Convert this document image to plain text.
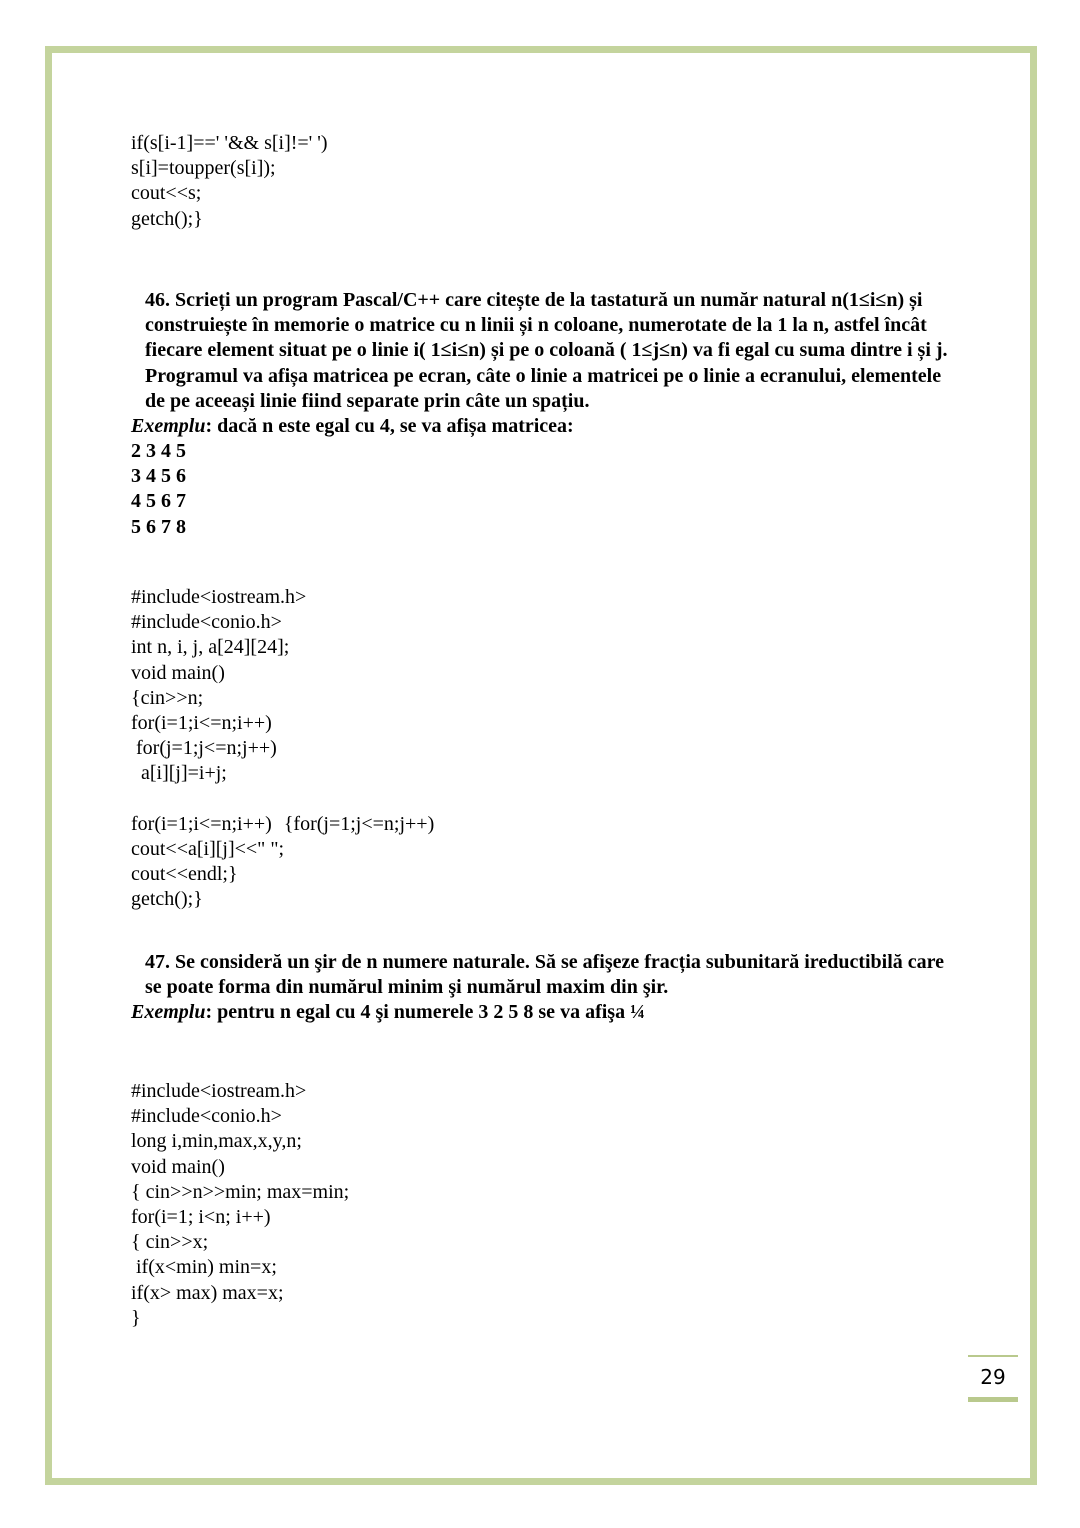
if(s[i-1]==' '&& s[i]!=' ')
s[i]=toupper(s[i]);
cout<<s;
getch();}
46. Scrieți un program Pascal/C++ care citește de la tastatură un număr natural n(1≤i≤n) și
construiește în memorie o matrice cu n linii și n coloane, numerotate de la 1 la n, astfel încât
fiecare element situat pe o linie i( 1≤i≤n) și pe o coloană ( 1≤j≤n) va fi egal cu suma dintre i și j.
Programul va afișa matricea pe ecran, câte o linie a matricei pe o linie a ecranului, elementele
de pe aceeași linie fiind separate prin câte un spațiu.
Exemplu: dacă n este egal cu 4, se va afișa matricea:
2 3 4 5
3 4 5 6
4 5 6 7
5 6 7 8
#include<iostream.h>
#include<conio.h>
int n, i, j, a[24][24];
void main()
{cin>>n;
for(i=1;i<=n;i++)
for(j=1;j<=n;j++)
a[i][j]=i+j;
for(i=1;i<=n;i++) {for(j=1;j<=n;j++)
cout<<a[i][j]<<" ";
cout<<endl;}
getch();}
47. Se consideră un şir de n numere naturale. Să se afişeze fracția subunitară ireductibilă care
se poate forma din numărul minim şi numărul maxim din şir.
Exemplu: pentru n egal cu 4 şi numerele 3 2 5 8 se va afişa ¼
#include<iostream.h>
#include<conio.h>
long i,min,max,x,y,n;
void main()
{ cin>>n>>min; max=min;
for(i=1; i<n; i++)
{ cin>>x;
if(x<min) min=x;
if(x> max) max=x;
}
29
